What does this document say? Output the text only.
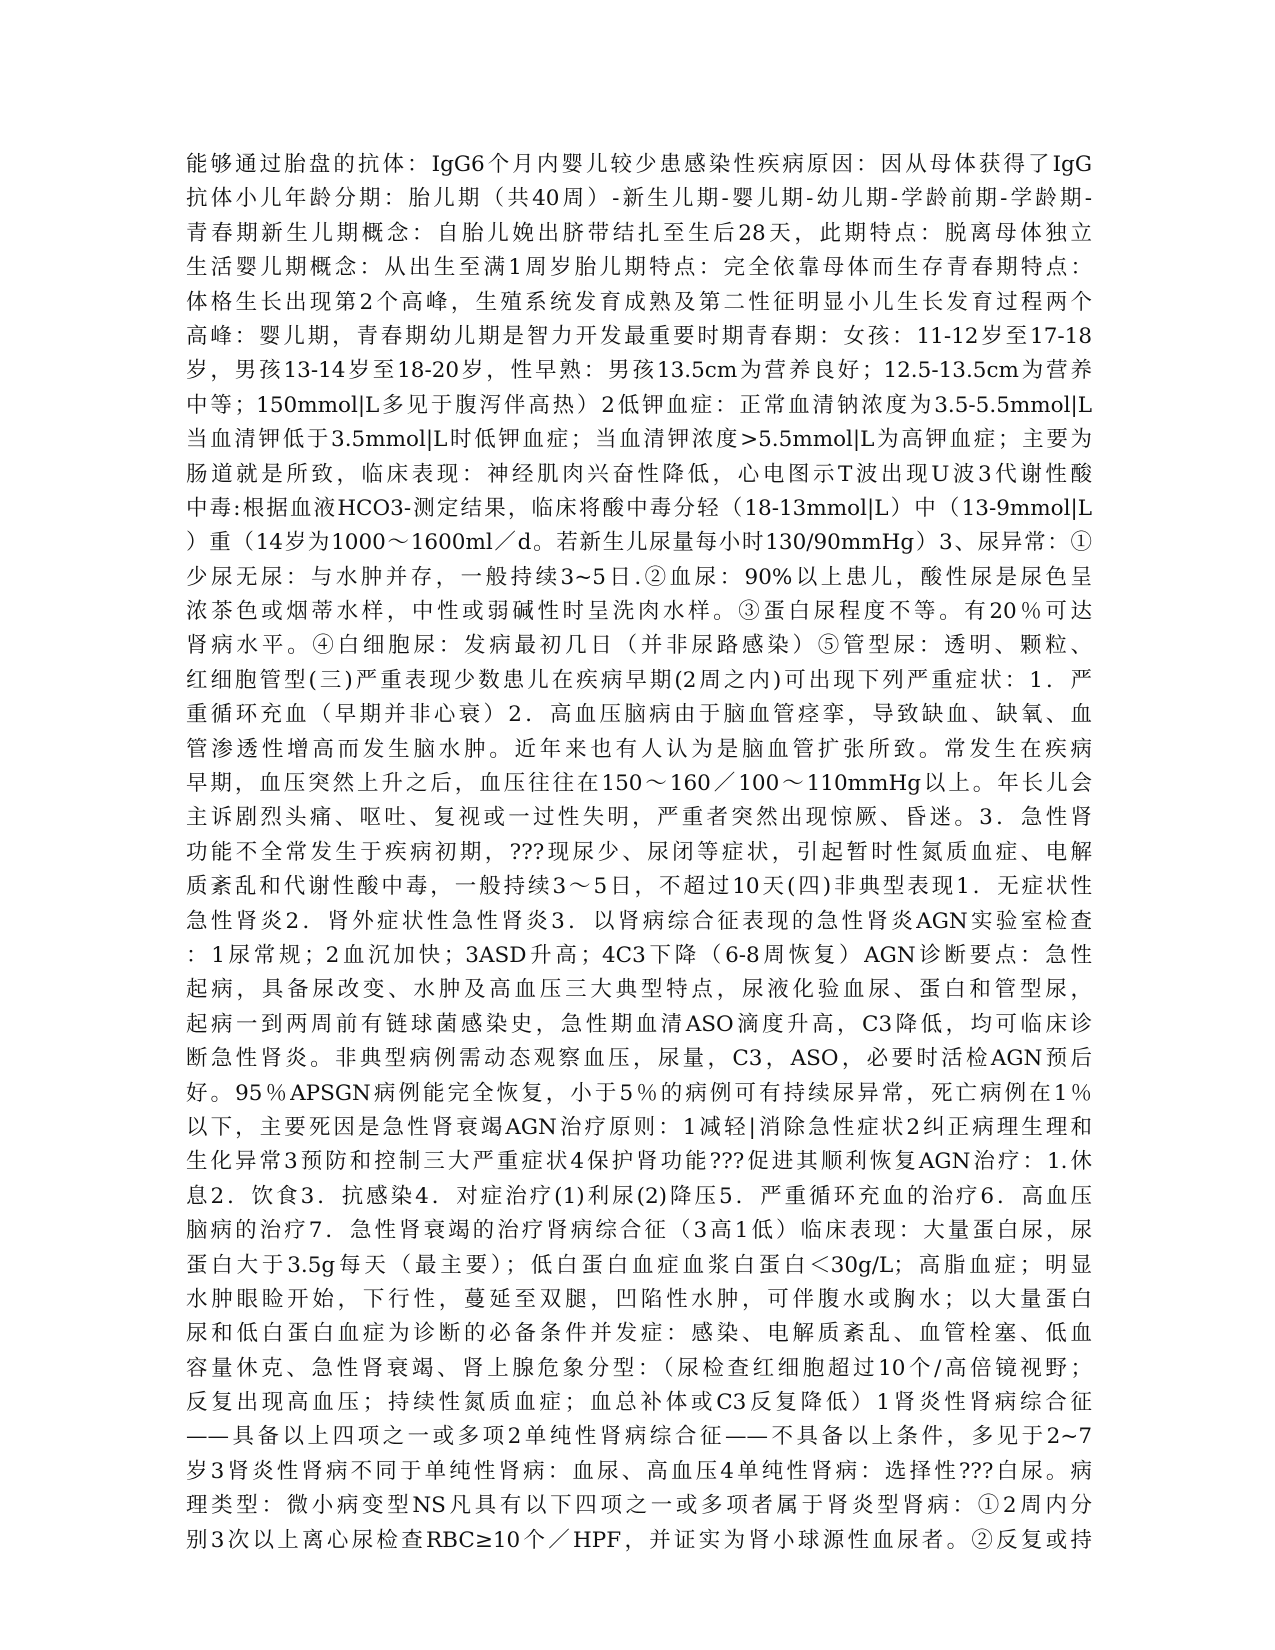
能够通过胎盘的抗体：IgG6个月内婴儿较少患感染性疾病原因：因从母体获得了IgG
抗体小儿年龄分期：胎儿期（共40周）-新生儿期-婴儿期-幼儿期-学龄前期-学龄期-
青春期新生儿期概念：自胎儿娩出脐带结扎至生后28天，此期特点：脱离母体独立
生活婴儿期概念：从出生至满1周岁胎儿期特点：完全依靠母体而生存青春期特点：
体格生长出现第2个高峰，生殖系统发育成熟及第二性征明显小儿生长发育过程两个
高峰：婴儿期，青春期幼儿期是智力开发最重要时期青春期：女孩：11-12岁至17-18
岁，男孩13-14岁至18-20岁，性早熟：男孩13.5cm为营养良好；12.5-13.5cm为营养
中等；150mmol|L多见于腹泻伴高热）2低钾血症：正常血清钠浓度为3.5-5.5mmol|L
当血清钾低于3.5mmol|L时低钾血症；当血清钾浓度>5.5mmol|L为高钾血症；主要为
肠道就是所致，临床表现：神经肌肉兴奋性降低，心电图示T波出现U波3代谢性酸
中毒:根据血液HCO3-测定结果，临床将酸中毒分轻（18-13mmol|L）中（13-9mmol|L
）重（14岁为1000～1600ml／d。若新生儿尿量每小时130/90mmHg）3、尿异常：①
少尿无尿：与水肿并存，一般持续3~5日.②血尿：90%以上患儿，酸性尿是尿色呈
浓茶色或烟蒂水样，中性或弱碱性时呈洗肉水样。③蛋白尿程度不等。有20％可达
肾病水平。④白细胞尿：发病最初几日（并非尿路感染）⑤管型尿：透明、颗粒、
红细胞管型(三)严重表现少数患儿在疾病早期(2周之内)可出现下列严重症状：1．严
重循环充血（早期并非心衰）2．高血压脑病由于脑血管痉挛，导致缺血、缺氧、血
管渗透性增高而发生脑水肿。近年来也有人认为是脑血管扩张所致。常发生在疾病
早期，血压突然上升之后，血压往往在150～160／100～110mmHg以上。年长儿会
主诉剧烈头痛、呕吐、复视或一过性失明，严重者突然出现惊厥、昏迷。3．急性肾
功能不全常发生于疾病初期，???现尿少、尿闭等症状，引起暂时性氮质血症、电解
质紊乱和代谢性酸中毒，一般持续3～5日，不超过10天(四)非典型表现1．无症状性
急性肾炎2．肾外症状性急性肾炎3．以肾病综合征表现的急性肾炎AGN实验室检查
：1尿常规；2血沉加快；3ASD升高；4C3下降（6-8周恢复）AGN诊断要点：急性
起病，具备尿改变、水肿及高血压三大典型特点，尿液化验血尿、蛋白和管型尿，
起病一到两周前有链球菌感染史，急性期血清ASO滴度升高，C3降低，均可临床诊
断急性肾炎。非典型病例需动态观察血压，尿量，C3，ASO，必要时活检AGN预后
好。95％APSGN病例能完全恢复，小于5％的病例可有持续尿异常，死亡病例在1％
以下，主要死因是急性肾衰竭AGN治疗原则：1减轻|消除急性症状2纠正病理生理和
生化异常3预防和控制三大严重症状4保护肾功能???促进其顺利恢复AGN治疗：1.休
息2．饮食3．抗感染4．对症治疗(1)利尿(2)降压5．严重循环充血的治疗6．高血压
脑病的治疗7．急性肾衰竭的治疗肾病综合征（3高1低）临床表现：大量蛋白尿，尿
蛋白大于3.5g每天（最主要）；低白蛋白血症血浆白蛋白＜30g/L；高脂血症；明显
水肿眼睑开始，下行性，蔓延至双腿，凹陷性水肿，可伴腹水或胸水；以大量蛋白
尿和低白蛋白血症为诊断的必备条件并发症：感染、电解质紊乱、血管栓塞、低血
容量休克、急性肾衰竭、肾上腺危象分型：（尿检查红细胞超过10个/高倍镜视野；
反复出现高血压；持续性氮质血症；血总补体或C3反复降低）1肾炎性肾病综合征
——具备以上四项之一或多项2单纯性肾病综合征——不具备以上条件，多见于2~7
岁3肾炎性肾病不同于单纯性肾病：血尿、高血压4单纯性肾病：选择性???白尿。病
理类型：微小病变型NS凡具有以下四项之一或多项者属于肾炎型肾病：①2周内分
别3次以上离心尿检查RBC≥10个／HPF，并证实为肾小球源性血尿者。②反复或持
